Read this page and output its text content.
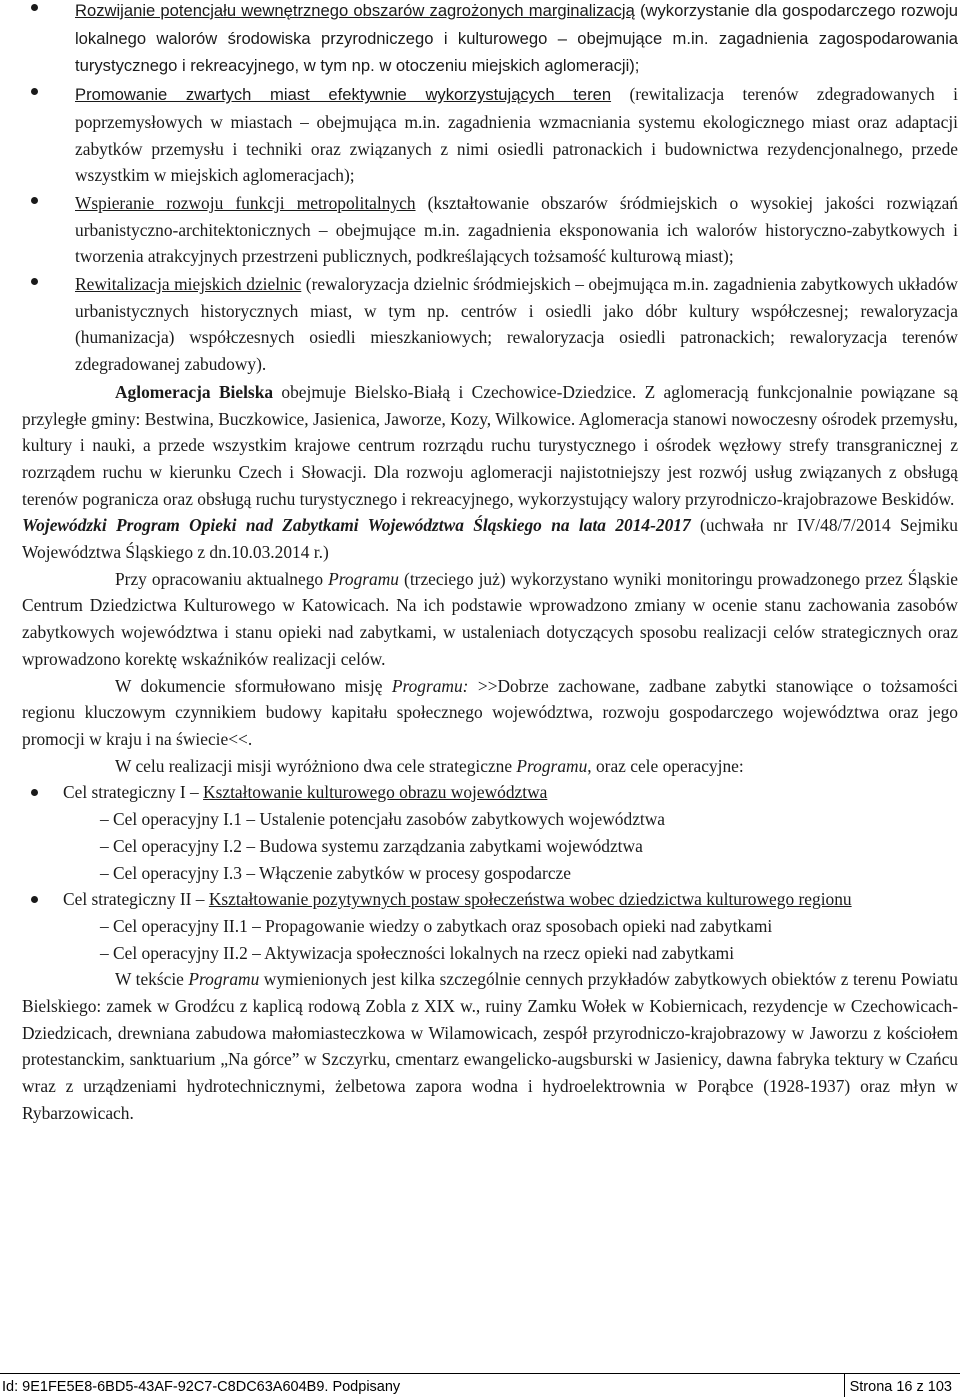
Rozwijanie potencjału wewnętrznego obszarów zagrożonych marginalizacją (wykorzystanie dla gospodarczego rozwoju lokalnego walorów środowiska przyrodniczego i kulturowego – obejmujące m.in. zagadnienia zagospodarowania turystycznego i rekreacyjnego, w tym np. w otoczeniu miejskich aglomeracji);

Promowanie zwartych miast efektywnie wykorzystujących teren (rewitalizacja terenów zdegradowanych i poprzemysłowych w miastach – obejmująca m.in. zagadnienia wzmacniania systemu ekologicznego miast oraz adaptacji zabytków przemysłu i techniki oraz związanych z nimi osiedli patronackich i budownictwa rezydencjonalnego, przede wszystkim w miejskich aglomeracjach);

Wspieranie rozwoju funkcji metropolitalnych (kształtowanie obszarów śródmiejskich o wysokiej jakości rozwiązań urbanistyczno-architektonicznych – obejmujące m.in. zagadnienia eksponowania ich walorów historyczno-zabytkowych i tworzenia atrakcyjnych przestrzeni publicznych, podkreślających tożsamość kulturową miast);

Rewitalizacja miejskich dzielnic (rewaloryzacja dzielnic śródmiejskich – obejmująca m.in. zagadnienia zabytkowych układów urbanistycznych historycznych miast, w tym np. centrów i osiedli jako dóbr kultury współczesnej; rewaloryzacja (humanizacja) współczesnych osiedli mieszkaniowych; rewaloryzacja osiedli patronackich; rewaloryzacja terenów zdegradowanej zabudowy).

Aglomeracja Bielska obejmuje Bielsko-Białą i Czechowice-Dziedzice. Z aglomeracją funkcjonalnie powiązane są przyległe gminy: Bestwina, Buczkowice, Jasienica, Jaworze, Kozy, Wilkowice. Aglomeracja stanowi nowoczesny ośrodek przemysłu, kultury i nauki, a przede wszystkim krajowe centrum rozrządu ruchu turystycznego i ośrodek węzłowy strefy transgranicznej z rozrządem ruchu w kierunku Czech i Słowacji. Dla rozwoju aglomeracji najistotniejszy jest rozwój usług związanych z obsługą terenów pogranicza oraz obsługą ruchu turystycznego i rekreacyjnego, wykorzystujący walory przyrodniczo-krajobrazowe Beskidów.

Wojewódzki Program Opieki nad Zabytkami Województwa Śląskiego na lata 2014-2017 (uchwała nr IV/48/7/2014 Sejmiku Województwa Śląskiego z dn.10.03.2014 r.)

Przy opracowaniu aktualnego Programu (trzeciego już) wykorzystano wyniki monitoringu prowadzonego przez Śląskie Centrum Dziedzictwa Kulturowego w Katowicach. Na ich podstawie wprowadzono zmiany w ocenie stanu zachowania zasobów zabytkowych województwa i stanu opieki nad zabytkami, w ustaleniach dotyczących sposobu realizacji celów strategicznych oraz wprowadzono korektę wskaźników realizacji celów.

W dokumencie sformułowano misję Programu: >>Dobrze zachowane, zadbane zabytki stanowiące o tożsamości regionu kluczowym czynnikiem budowy kapitału społecznego województwa, rozwoju gospodarczego województwa oraz jego promocji w kraju i na świecie<<.

W celu realizacji misji wyróżniono dwa cele strategiczne Programu, oraz cele operacyjne:

Cel strategiczny I – Kształtowanie kulturowego obrazu województwa

– Cel operacyjny I.1 – Ustalenie potencjału zasobów zabytkowych województwa

– Cel operacyjny I.2 – Budowa systemu zarządzania zabytkami województwa

– Cel operacyjny I.3 – Włączenie zabytków w procesy gospodarcze

Cel strategiczny II – Kształtowanie pozytywnych postaw społeczeństwa wobec dziedzictwa kulturowego regionu

– Cel operacyjny II.1 – Propagowanie wiedzy o zabytkach oraz sposobach opieki nad zabytkami

– Cel operacyjny II.2 – Aktywizacja społeczności lokalnych na rzecz opieki nad zabytkami

W tekście Programu wymienionych jest kilka szczególnie cennych przykładów zabytkowych obiektów z terenu Powiatu Bielskiego: zamek w Grodźcu z kaplicą rodową Zobla z XIX w., ruiny Zamku Wołek w Kobiernicach, rezydencje w Czechowicach-Dziedzicach, drewniana zabudowa małomiasteczkowa w Wilamowicach, zespół przyrodniczo-krajobrazowy w Jaworzu z kościołem protestanckim, sanktuarium „Na górce” w Szczyrku, cmentarz ewangelicko-augsburski w Jasienicy, dawna fabryka tektury w Czańcu wraz z urządzeniami hydrotechnicznymi, żelbetowa zapora wodna i hydroelektrownia w Porąbce (1928-1937) oraz młyn w Rybarzowicach.

Id: 9E1FE5E8-6BD5-43AF-92C7-C8DC63A604B9. Podpisany	Strona 16 z 103
